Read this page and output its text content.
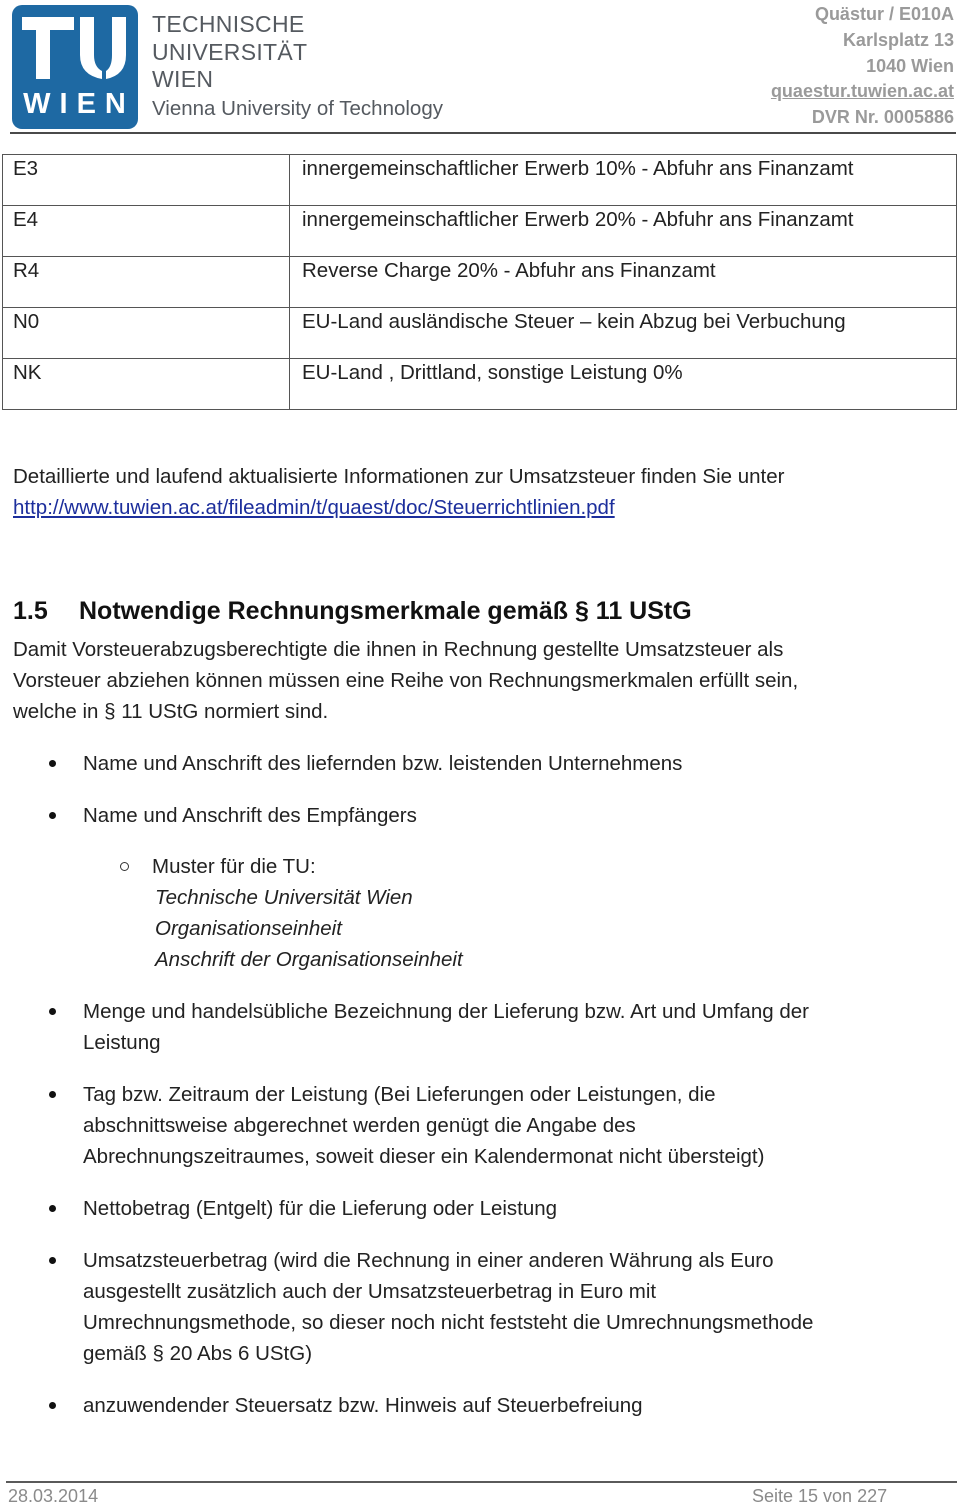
WIEN
TECHNISCHE
UNIVERSITÄT
WIEN
Vienna University of Technology
Quästur / E010A
Karlsplatz 13
1040 Wien
quaestur.tuwien.ac.at
DVR Nr. 0005886
E3	innergemeinschaftlicher Erwerb 10% - Abfuhr ans Finanzamt
E4	innergemeinschaftlicher Erwerb 20% - Abfuhr ans Finanzamt
R4	Reverse Charge 20% - Abfuhr ans Finanzamt
N0	EU-Land ausländische Steuer – kein Abzug bei Verbuchung
NK	EU-Land , Drittland, sonstige Leistung 0%
Detaillierte und laufend aktualisierte Informationen zur Umsatzsteuer finden Sie unter
http://www.tuwien.ac.at/fileadmin/t/quaest/doc/Steuerrichtlinien.pdf
1.5 Notwendige Rechnungsmerkmale gemäß § 11 UStG
Damit Vorsteuerabzugsberechtigte die ihnen in Rechnung gestellte Umsatzsteuer als
Vorsteuer abziehen können müssen eine Reihe von Rechnungsmerkmalen erfüllt sein,
welche in § 11 UStG normiert sind.
Name und Anschrift des liefernden bzw. leistenden Unternehmens
Name und Anschrift des Empfängers
Muster für die TU:
Technische Universität Wien
Organisationseinheit
Anschrift der Organisationseinheit
Menge und handelsübliche Bezeichnung der Lieferung bzw. Art und Umfang der
Leistung
Tag bzw. Zeitraum der Leistung (Bei Lieferungen oder Leistungen, die
abschnittsweise abgerechnet werden genügt die Angabe des
Abrechnungszeitraumes, soweit dieser ein Kalendermonat nicht übersteigt)
Nettobetrag (Entgelt) für die Lieferung oder Leistung
Umsatzsteuerbetrag (wird die Rechnung in einer anderen Währung als Euro
ausgestellt zusätzlich auch der Umsatzsteuerbetrag in Euro mit
Umrechnungsmethode, so dieser noch nicht feststeht die Umrechnungsmethode
gemäß § 20 Abs 6 UStG)
anzuwendender Steuersatz bzw. Hinweis auf Steuerbefreiung
28.03.2014	Seite 15 von 227
